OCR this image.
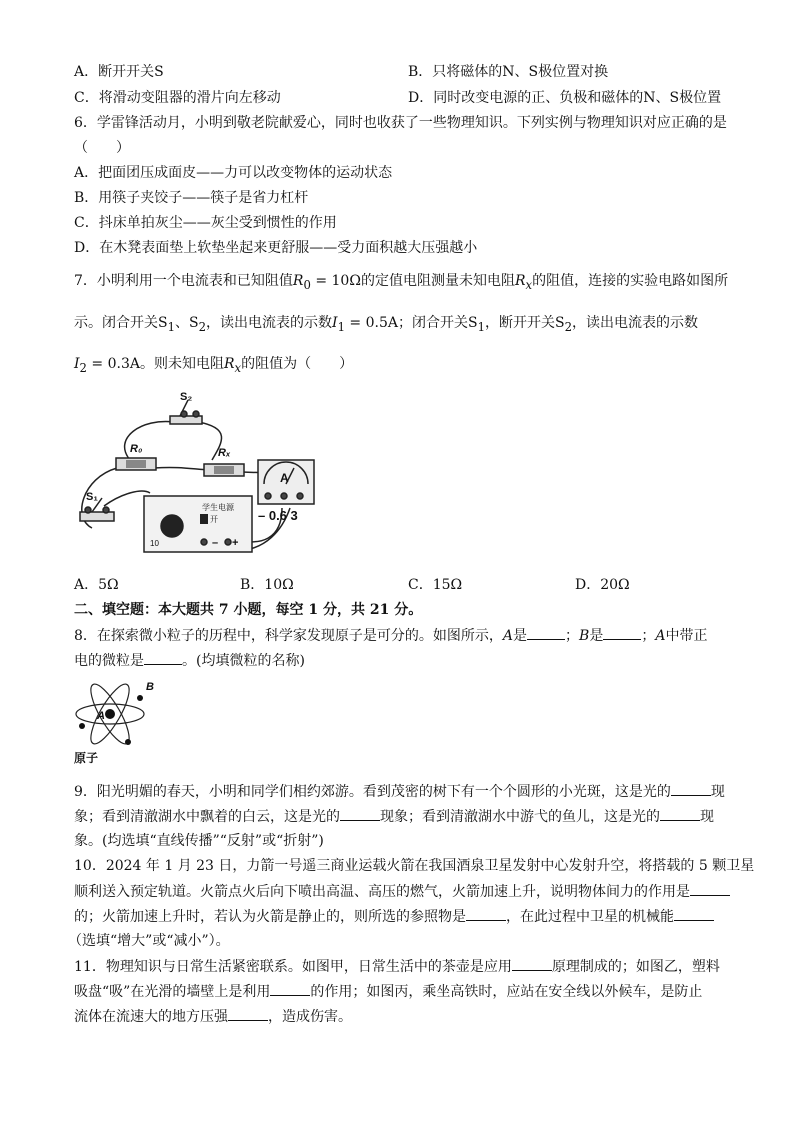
A．断开开关S	B．只将磁体的N、S极位置对换
C．将滑动变阻器的滑片向左移动	D．同时改变电源的正、负极和磁体的N、S极位置
6．学雷锋活动月，小明到敬老院献爱心，同时也收获了一些物理知识。下列实例与物理知识对应正确的是
（　　）
A．把面团压成面皮——力可以改变物体的运动状态
B．用筷子夹饺子——筷子是省力杠杆
C．抖床单拍灰尘——灰尘受到惯性的作用
D．在木凳表面垫上软垫坐起来更舒服——受力面积越大压强越小
7．小明利用一个电流表和已知阻值$R_0 = 10\Omega$的定值电阻测量未知电阻$R_x$的阻值，连接的实验电路如图所
示。闭合开关$S_1$、$S_2$，读出电流表的示数$I_1 = 0.5A$；闭合开关$S_1$，断开开关$S_2$，读出电流表的示数
$I_2 = 0.3A$。则未知电阻$R_x$的阻值为（　　）
S₂
R₀	Rₓ
A
– 0.6 3
S₁
学生电源
开
10	– +
A．5Ω	B．10Ω	C．15Ω	D．20Ω
二、填空题：本大题共 7 小题，每空 1 分，共 21 分。
8．在探索微小粒子的历程中，科学家发现原子是可分的。如图所示，A是	；B是	；A中带正
电的微粒是	。(均填微粒的名称)
A
B
原子
9．阳光明媚的春天，小明和同学们相约郊游。看到茂密的树下有一个个圆形的小光斑，这是光的	现
象；看到清澈湖水中飘着的白云，这是光的	现象；看到清澈湖水中游弋的鱼儿，这是光的	现
象。(均选填“直线传播”“反射”或“折射”)
10．2024 年 1 月 23 日，力箭一号遥三商业运载火箭在我国酒泉卫星发射中心发射升空，将搭载的 5 颗卫星
顺利送入预定轨道。火箭点火后向下喷出高温、高压的燃气，火箭加速上升，说明物体间力的作用是
的；火箭加速上升时，若认为火箭是静止的，则所选的参照物是	，在此过程中卫星的机械能
（选填“增大”或“减小”）。
11．物理知识与日常生活紧密联系。如图甲，日常生活中的茶壶是应用	原理制成的；如图乙，塑料
吸盘“吸”在光滑的墙壁上是利用	的作用；如图丙，乘坐高铁时，应站在安全线以外候车，是防止
流体在流速大的地方压强	，造成伤害。
